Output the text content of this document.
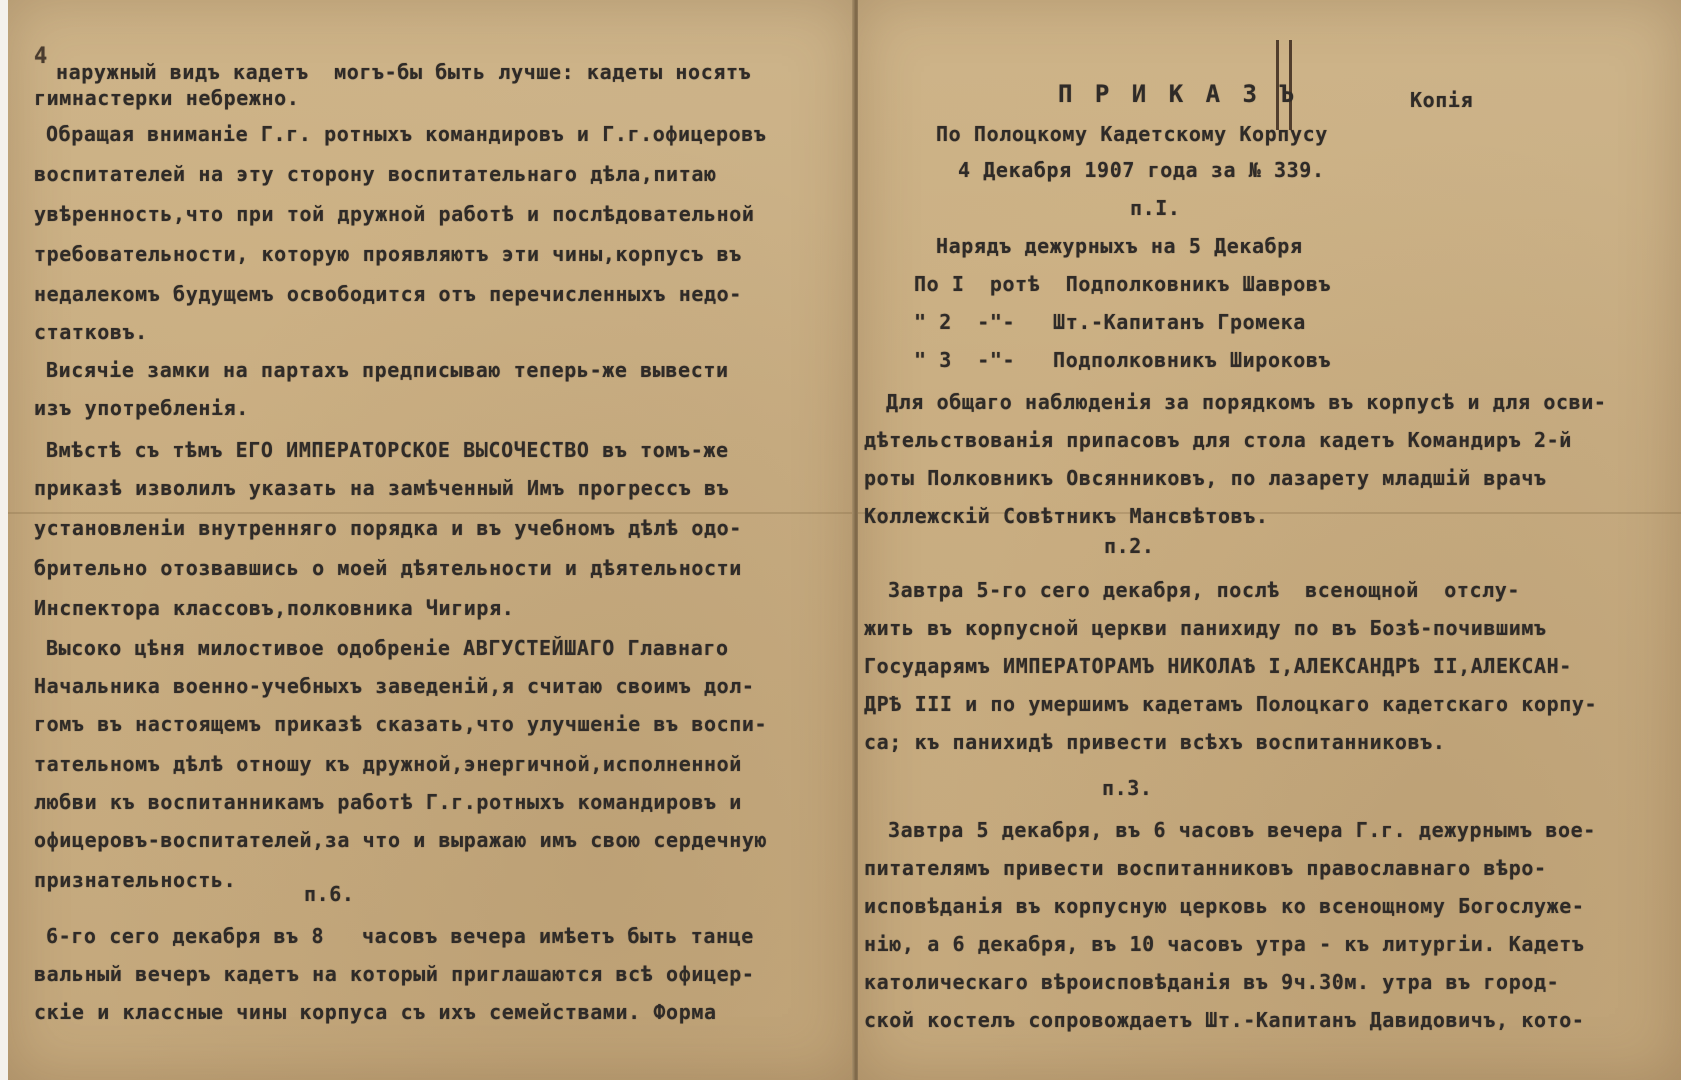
4
наружный видъ кадетъ  могъ-бы быть лучше: кадеты носятъ
гимнастерки небрежно.
Обращая вниманіе Г.г. ротныхъ командировъ и Г.г.офицеровъ
воспитателей на эту сторону воспитательнаго дѣла,питаю
увѣренность,что при той дружной работѣ и послѣдовательной
требовательности, которую проявляютъ эти чины,корпусъ въ
недалекомъ будущемъ освободится отъ перечисленныхъ недо-
статковъ.
Висячіе замки на партахъ предписываю теперь-же вывести
изъ употребленія.
Вмѣстѣ съ тѣмъ ЕГО ИМПЕРАТОРСКОЕ ВЫСОЧЕСТВО въ томъ-же
приказѣ изволилъ указать на замѣченный Имъ прогрессъ въ
установленіи внутренняго порядка и въ учебномъ дѣлѣ одо-
брительно отозвавшись о моей дѣятельности и дѣятельности
Инспектора классовъ,полковника Чигиря.
Высоко цѣня милостивое одобреніе АВГУСТЕЙШАГО Главнаго
Начальника военно-учебныхъ заведеній,я считаю своимъ дол-
гомъ въ настоящемъ приказѣ сказать,что улучшеніе въ воспи-
тательномъ дѣлѣ отношу къ дружной,энергичной,исполненной
любви къ воспитанникамъ работѣ Г.г.ротныхъ командировъ и
офицеровъ-воспитателей,за что и выражаю имъ свою сердечную
признательность.
п.6.
6-го сего декабря въ 8   часовъ вечера имѣетъ быть танце
вальный вечеръ кадетъ на который приглашаются всѣ офицер-
скіе и классные чины корпуса съ ихъ семействами. Форма
П Р И К А З Ъ	Копія
По Полоцкому Кадетскому Корпусу
4 Декабря 1907 года за № 339.
п.І.
Нарядъ дежурныхъ на 5 Декабря
По І  ротѣ  Подполковникъ Шавровъ
" 2  -"-   Шт.-Капитанъ Громека
" 3  -"-   Подполковникъ Широковъ
Для общаго наблюденія за порядкомъ въ корпусѣ и для осви-
дѣтельствованія припасовъ для стола кадетъ Командиръ 2-й
роты Полковникъ Овсянниковъ, по лазарету младшій врачъ
Коллежскій Совѣтникъ Мансвѣтовъ.
п.2.
Завтра 5-го сего декабря, послѣ  всенощной  отслу-
жить въ корпусной церкви панихиду по въ Бозѣ-почившимъ
Государямъ ИМПЕРАТОРАМЪ НИКОЛАѢ І,АЛЕКСАНДРѢ ІІ,АЛЕКСАН-
ДРѢ ІІІ и по умершимъ кадетамъ Полоцкаго кадетскаго корпу-
са; къ панихидѣ привести всѣхъ воспитанниковъ.
п.3.
Завтра 5 декабря, въ 6 часовъ вечера Г.г. дежурнымъ вое-
питателямъ привести воспитанниковъ православнаго вѣро-
исповѣданія въ корпусную церковь ко всенощному Богослуже-
нію, а 6 декабря, въ 10 часовъ утра - къ литургіи. Кадетъ
католическаго вѣроисповѣданія въ 9ч.30м. утра въ город-
ской костелъ сопровождаетъ Шт.-Капитанъ Давидовичъ, кото-
